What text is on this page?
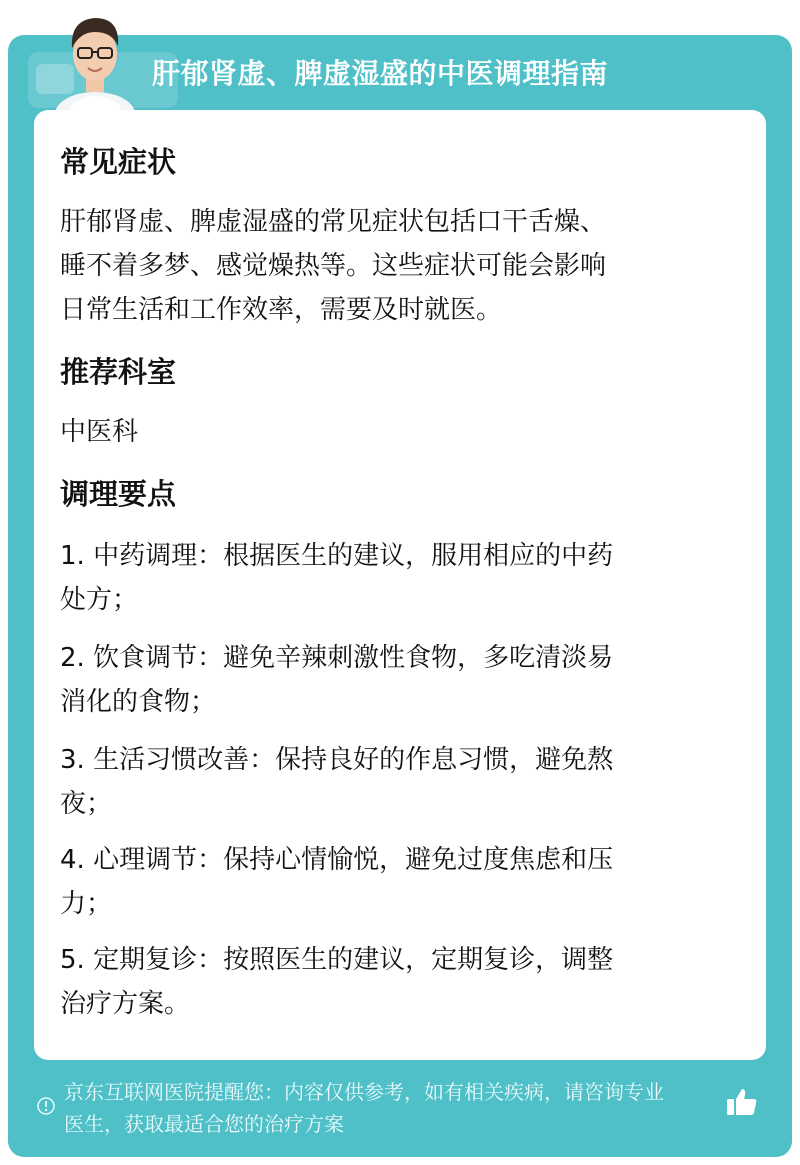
肝郁肾虚、脾虚湿盛的中医调理指南
常见症状
肝郁肾虚、脾虚湿盛的常见症状包括口干舌燥、
睡不着多梦、感觉燥热等。这些症状可能会影响
日常生活和工作效率，需要及时就医。
推荐科室
中医科
调理要点
1. 中药调理：根据医生的建议，服用相应的中药
处方；
2. 饮食调节：避免辛辣刺激性食物，多吃清淡易
消化的食物；
3. 生活习惯改善：保持良好的作息习惯，避免熬
夜；
4. 心理调节：保持心情愉悦，避免过度焦虑和压
力；
5. 定期复诊：按照医生的建议，定期复诊，调整
治疗方案。
京东互联网医院提醒您：内容仅供参考，如有相关疾病，请咨询专业
医生，获取最适合您的治疗方案
